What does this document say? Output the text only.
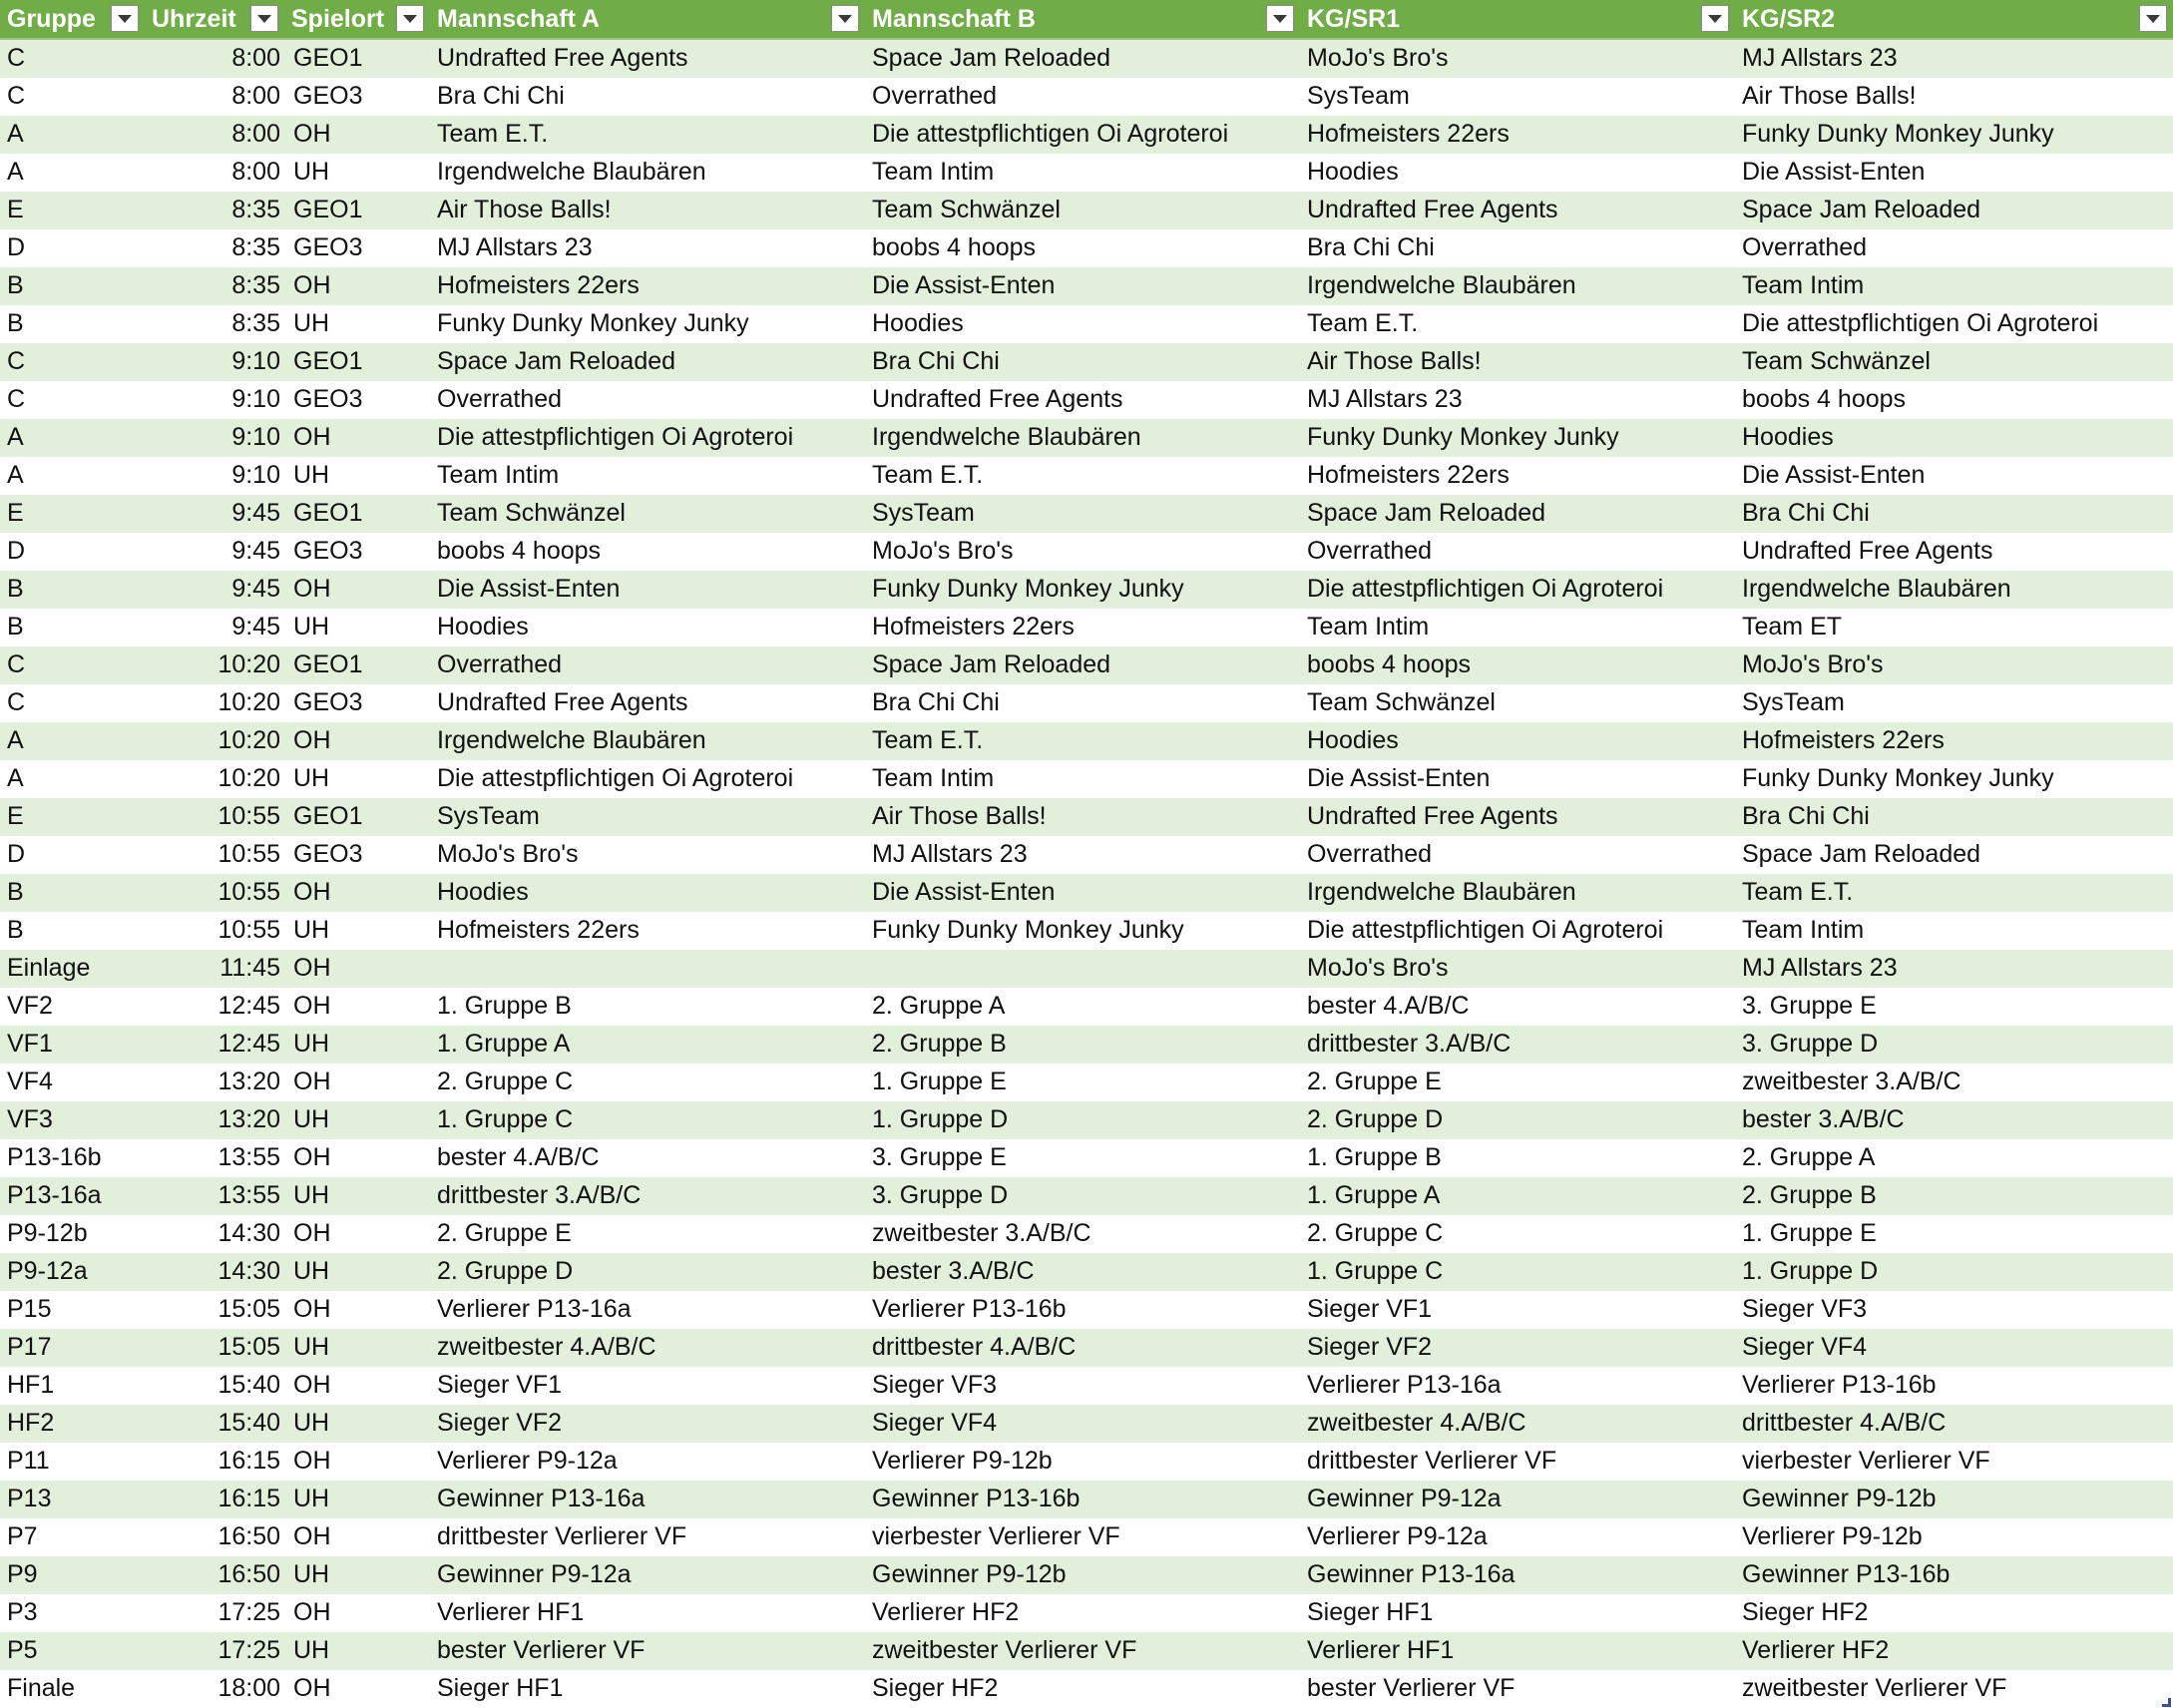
Gruppe	Uhrzeit	Spielort	Mannschaft A	Mannschaft B	KG/SR1	KG/SR2

C	8:00	GEO1	Undrafted Free Agents	Space Jam Reloaded	MoJo's Bro's	MJ Allstars 23
C	8:00	GEO3	Bra Chi Chi	Overrathed	SysTeam	Air Those Balls!
A	8:00	OH	Team E.T.	Die attestpflichtigen Oi Agroteroi	Hofmeisters 22ers	Funky Dunky Monkey Junky
A	8:00	UH	Irgendwelche Blaubären	Team Intim	Hoodies	Die Assist-Enten
E	8:35	GEO1	Air Those Balls!	Team Schwänzel	Undrafted Free Agents	Space Jam Reloaded
D	8:35	GEO3	MJ Allstars 23	boobs 4 hoops	Bra Chi Chi	Overrathed
B	8:35	OH	Hofmeisters 22ers	Die Assist-Enten	Irgendwelche Blaubären	Team Intim
B	8:35	UH	Funky Dunky Monkey Junky	Hoodies	Team E.T.	Die attestpflichtigen Oi Agroteroi
C	9:10	GEO1	Space Jam Reloaded	Bra Chi Chi	Air Those Balls!	Team Schwänzel
C	9:10	GEO3	Overrathed	Undrafted Free Agents	MJ Allstars 23	boobs 4 hoops
A	9:10	OH	Die attestpflichtigen Oi Agroteroi	Irgendwelche Blaubären	Funky Dunky Monkey Junky	Hoodies
A	9:10	UH	Team Intim	Team E.T.	Hofmeisters 22ers	Die Assist-Enten
E	9:45	GEO1	Team Schwänzel	SysTeam	Space Jam Reloaded	Bra Chi Chi
D	9:45	GEO3	boobs 4 hoops	MoJo's Bro's	Overrathed	Undrafted Free Agents
B	9:45	OH	Die Assist-Enten	Funky Dunky Monkey Junky	Die attestpflichtigen Oi Agroteroi	Irgendwelche Blaubären
B	9:45	UH	Hoodies	Hofmeisters 22ers	Team Intim	Team ET
C	10:20	GEO1	Overrathed	Space Jam Reloaded	boobs 4 hoops	MoJo's Bro's
C	10:20	GEO3	Undrafted Free Agents	Bra Chi Chi	Team Schwänzel	SysTeam
A	10:20	OH	Irgendwelche Blaubären	Team E.T.	Hoodies	Hofmeisters 22ers
A	10:20	UH	Die attestpflichtigen Oi Agroteroi	Team Intim	Die Assist-Enten	Funky Dunky Monkey Junky
E	10:55	GEO1	SysTeam	Air Those Balls!	Undrafted Free Agents	Bra Chi Chi
D	10:55	GEO3	MoJo's Bro's	MJ Allstars 23	Overrathed	Space Jam Reloaded
B	10:55	OH	Hoodies	Die Assist-Enten	Irgendwelche Blaubären	Team E.T.
B	10:55	UH	Hofmeisters 22ers	Funky Dunky Monkey Junky	Die attestpflichtigen Oi Agroteroi	Team Intim
Einlage	11:45	OH			MoJo's Bro's	MJ Allstars 23
VF2	12:45	OH	1. Gruppe B	2. Gruppe A	bester 4.A/B/C	3. Gruppe E
VF1	12:45	UH	1. Gruppe A	2. Gruppe B	drittbester 3.A/B/C	3. Gruppe D
VF4	13:20	OH	2. Gruppe C	1. Gruppe E	2. Gruppe E	zweitbester 3.A/B/C
VF3	13:20	UH	1. Gruppe C	1. Gruppe D	2. Gruppe D	bester 3.A/B/C
P13-16b	13:55	OH	bester 4.A/B/C	3. Gruppe E	1. Gruppe B	2. Gruppe A
P13-16a	13:55	UH	drittbester 3.A/B/C	3. Gruppe D	1. Gruppe A	2. Gruppe B
P9-12b	14:30	OH	2. Gruppe E	zweitbester 3.A/B/C	2. Gruppe C	1. Gruppe E
P9-12a	14:30	UH	2. Gruppe D	bester 3.A/B/C	1. Gruppe C	1. Gruppe D
P15	15:05	OH	Verlierer P13-16a	Verlierer P13-16b	Sieger VF1	Sieger VF3
P17	15:05	UH	zweitbester 4.A/B/C	drittbester 4.A/B/C	Sieger VF2	Sieger VF4
HF1	15:40	OH	Sieger VF1	Sieger VF3	Verlierer P13-16a	Verlierer P13-16b
HF2	15:40	UH	Sieger VF2	Sieger VF4	zweitbester 4.A/B/C	drittbester 4.A/B/C
P11	16:15	OH	Verlierer P9-12a	Verlierer P9-12b	drittbester Verlierer VF	vierbester Verlierer VF
P13	16:15	UH	Gewinner P13-16a	Gewinner P13-16b	Gewinner P9-12a	Gewinner P9-12b
P7	16:50	OH	drittbester Verlierer VF	vierbester Verlierer VF	Verlierer P9-12a	Verlierer P9-12b
P9	16:50	UH	Gewinner P9-12a	Gewinner P9-12b	Gewinner P13-16a	Gewinner P13-16b
P3	17:25	OH	Verlierer HF1	Verlierer HF2	Sieger HF1	Sieger HF2
P5	17:25	UH	bester Verlierer VF	zweitbester Verlierer VF	Verlierer HF1	Verlierer HF2
Finale	18:00	OH	Sieger HF1	Sieger HF2	bester Verlierer VF	zweitbester Verlierer VF
